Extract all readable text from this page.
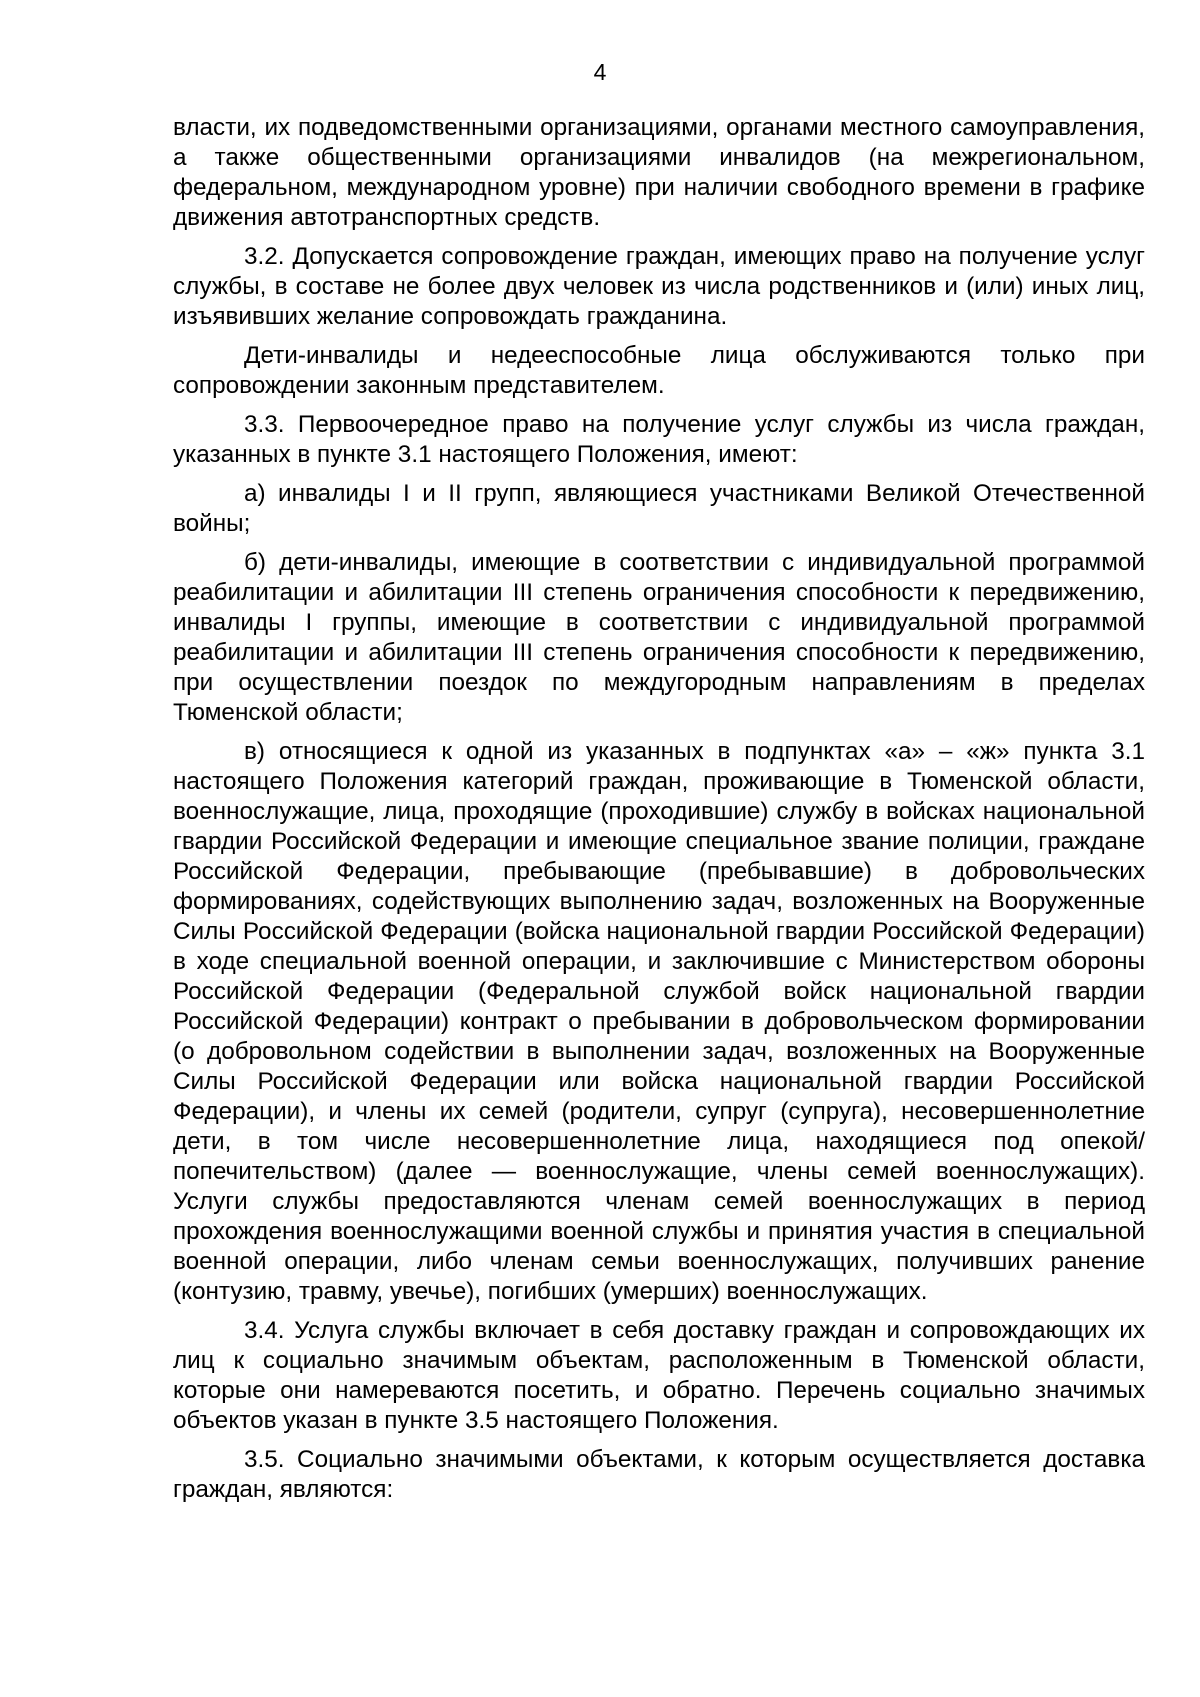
4

власти, их подведомственными организациями, органами местного самоуправления, а также общественными организациями инвалидов (на межрегиональном, федеральном, международном уровне) при наличии свободного времени в графике движения автотранспортных средств.

3.2. Допускается сопровождение граждан, имеющих право на получение услуг службы, в составе не более двух человек из числа родственников и (или) иных лиц, изъявивших желание сопровождать гражданина.

Дети-инвалиды и недееспособные лица обслуживаются только при сопровождении законным представителем.

3.3. Первоочередное право на получение услуг службы из числа граждан, указанных в пункте 3.1 настоящего Положения, имеют:

а) инвалиды I и II групп, являющиеся участниками Великой Отечественной войны;

б) дети-инвалиды, имеющие в соответствии с индивидуальной программой реабилитации и абилитации III степень ограничения способности к передвижению, инвалиды I группы, имеющие в соответствии с индивидуальной программой реабилитации и абилитации III степень ограничения способности к передвижению, при осуществлении поездок по междугородным направлениям в пределах Тюменской области;

в) относящиеся к одной из указанных в подпунктах «а» – «ж» пункта 3.1 настоящего Положения категорий граждан, проживающие в Тюменской области, военнослужащие, лица, проходящие (проходившие) службу в войсках национальной гвардии Российской Федерации и имеющие специальное звание полиции, граждане Российской Федерации, пребывающие (пребывавшие) в добровольческих формированиях, содействующих выполнению задач, возложенных на Вооруженные Силы Российской Федерации (войска национальной гвардии Российской Федерации) в ходе специальной военной операции, и заключившие с Министерством обороны Российской Федерации (Федеральной службой войск национальной гвардии Российской Федерации) контракт о пребывании в добровольческом формировании (о добровольном содействии в выполнении задач, возложенных на Вооруженные Силы Российской Федерации или войска национальной гвардии Российской Федерации), и члены их семей (родители, супруг (супруга), несовершеннолетние дети, в том числе несовершеннолетние лица, находящиеся под опекой/попечительством) (далее — военнослужащие, члены семей военнослужащих). Услуги службы предоставляются членам семей военнослужащих в период прохождения военнослужащими военной службы и принятия участия в специальной военной операции, либо членам семьи военнослужащих, получивших ранение (контузию, травму, увечье), погибших (умерших) военнослужащих.

3.4. Услуга службы включает в себя доставку граждан и сопровождающих их лиц к социально значимым объектам, расположенным в Тюменской области, которые они намереваются посетить, и обратно. Перечень социально значимых объектов указан в пункте 3.5 настоящего Положения.

3.5. Социально значимыми объектами, к которым осуществляется доставка граждан, являются:
